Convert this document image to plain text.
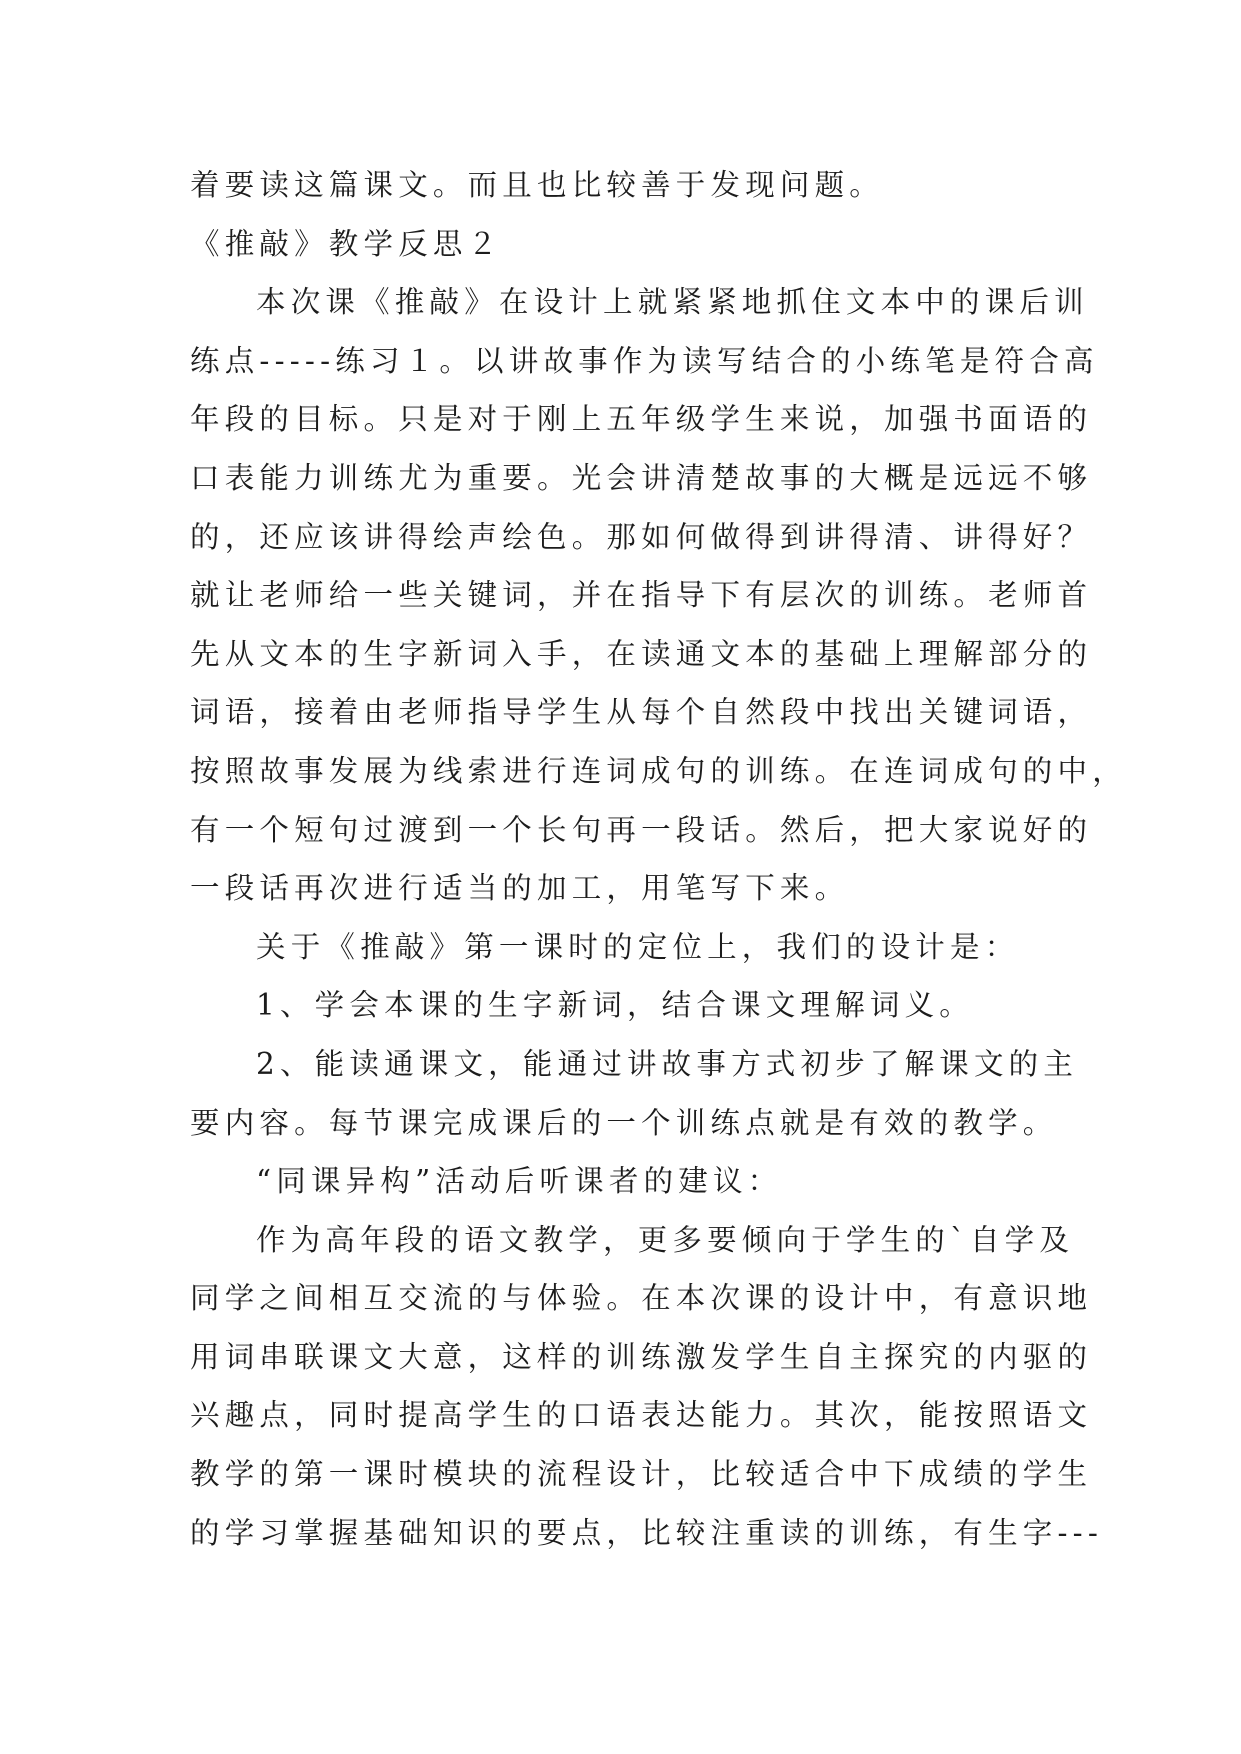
着要读这篇课文。而且也比较善于发现问题。
《推敲》教学反思２
本次课《推敲》在设计上就紧紧地抓住文本中的课后训
练点-----练习１。以讲故事作为读写结合的小练笔是符合高
年段的目标。只是对于刚上五年级学生来说，加强书面语的
口表能力训练尤为重要。光会讲清楚故事的大概是远远不够
的，还应该讲得绘声绘色。那如何做得到讲得清、讲得好？
就让老师给一些关键词，并在指导下有层次的训练。老师首
先从文本的生字新词入手，在读通文本的基础上理解部分的
词语，接着由老师指导学生从每个自然段中找出关键词语，
按照故事发展为线索进行连词成句的训练。在连词成句的中，
有一个短句过渡到一个长句再一段话。然后，把大家说好的
一段话再次进行适当的加工，用笔写下来。
关于《推敲》第一课时的定位上，我们的设计是：
1、学会本课的生字新词，结合课文理解词义。
2、能读通课文，能通过讲故事方式初步了解课文的主
要内容。每节课完成课后的一个训练点就是有效的教学。
“同课异构”活动后听课者的建议：
作为高年段的语文教学，更多要倾向于学生的`自学及
同学之间相互交流的与体验。在本次课的设计中，有意识地
用词串联课文大意，这样的训练激发学生自主探究的内驱的
兴趣点，同时提高学生的口语表达能力。其次，能按照语文
教学的第一课时模块的流程设计，比较适合中下成绩的学生
的学习掌握基础知识的要点，比较注重读的训练，有生字---
